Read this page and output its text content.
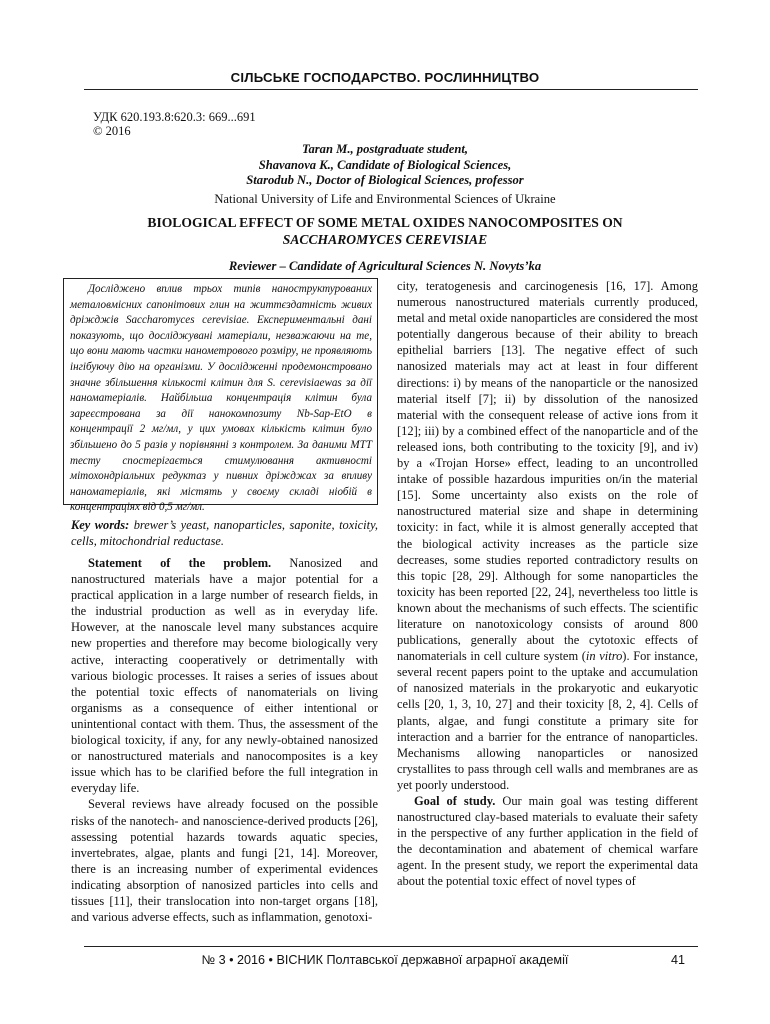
СІЛЬСЬКЕ ГОСПОДАРСТВО. РОСЛИННИЦТВО
УДК 620.193.8:620.3: 669...691
© 2016
Taran M., postgraduate student,
Shavanova K., Candidate of Biological Sciences,
Starodub N., Doctor of Biological Sciences, professor
National University of Life and Environmental Sciences of Ukraine
BIOLOGICAL EFFECT OF SOME METAL OXIDES NANOCOMPOSITES ON
SACCHAROMYCES CEREVISIAE
Reviewer – Candidate of Agricultural Sciences N. Novyts’ka

Досліджено вплив трьох типів наноструктурованих металовмісних сапонітових глин на життєздатність живих дріжджів Saccharomyces cerevisiae. Експериментальні дані показують, що досліджувані матеріали, незважаючи на те, що вони мають частки нанометрового розміру, не проявляють інгібуючу дію на організми. У дослідженні продемонстровано значне збільшення кількості клітин для S. cerevisiaewas за дії наноматеріалів. Найбільша концентрація клітин була зареєстрована за дії нанокомпозиту Nb-Sap-EtO в концентрації 2 мг/мл, у цих умовах кількість клітин було збільшено до 5 разів у порівнянні з контролем. За даними МТТ тесту спостерігається стимулювання активності мітохондріальних редуктаз у пивних дріжджах за впливу наноматеріалів, які містять у своєму складі ніобій в концентраціях від 0,5 мг/мл.

Key words: brewer’s yeast, nanoparticles, saponite, toxicity, cells, mitochondrial reductase.

Statement of the problem. Nanosized and nanostructured materials have a major potential for a practical application in a large number of research fields, in the industrial production as well as in everyday life. However, at the nanoscale level many substances acquire new properties and therefore may become biologically very active, interacting cooperatively or detrimentally with various biologic processes. It raises a series of issues about the potential toxic effects of nanomaterials on living organisms as a consequence of either intentional or unintentional contact with them. Thus, the assessment of the biological toxicity, if any, for any newly-obtained nanosized or nanostructured materials and nanocomposites is a key issue which has to be clarified before the full integration in everyday life.

Several reviews have already focused on the possible risks of the nanotech- and nanoscience-derived products [26], assessing potential hazards towards aquatic species, invertebrates, algae, plants and fungi [21, 14]. Moreover, there is an increasing number of experimental evidences indicating absorption of nanosized particles into cells and tissues [11], their translocation into non-target organs [18], and various adverse effects, such as inflammation, genotoxi-

city, teratogenesis and carcinogenesis [16, 17]. Among numerous nanostructured materials currently produced, metal and metal oxide nanoparticles are considered the most potentially dangerous because of their ability to breach epithelial barriers [13]. The negative effect of such nanosized materials may act at least in four different directions: i) by means of the nanoparticle or the nanosized material itself [7]; ii) by dissolution of the nanosized material with the consequent release of active ions from it [12]; iii) by a combined effect of the nanoparticle and of the released ions, both contributing to the toxicity [9], and iv) by a «Trojan Horse» effect, leading to an uncontrolled intake of possible hazardous impurities on/in the material [15]. Some uncertainty also exists on the role of nanostructured material size and shape in determining toxicity: in fact, while it is almost generally accepted that the biological activity increases as the particle size decreases, some studies reported contradictory results on this topic [28, 29]. Although for some nanoparticles the toxicity has been reported [22, 24], nevertheless too little is known about the mechanisms of such effects. The scientific literature on nanotoxicology consists of around 800 publications, generally about the cytotoxic effects of nanomaterials in cell culture system (in vitro). For instance, several recent papers point to the uptake and accumulation of nanosized materials in the prokaryotic and eukaryotic cells [20, 1, 3, 10, 27] and their toxicity [8, 2, 4]. Cells of plants, algae, and fungi constitute a primary site for interaction and a barrier for the entrance of nanoparticles. Mechanisms allowing nanoparticles or nanosized crystallites to pass through cell walls and membranes are as yet poorly understood.

Goal of study. Our main goal was testing different nanostructured clay-based materials to evaluate their safety in the perspective of any further application in the field of the decontamination and abatement of chemical warfare agent. In the present study, we report the experimental data about the potential toxic effect of novel types of

№ 3 • 2016 • ВІСНИК Полтавської державної аграрної академії	41
